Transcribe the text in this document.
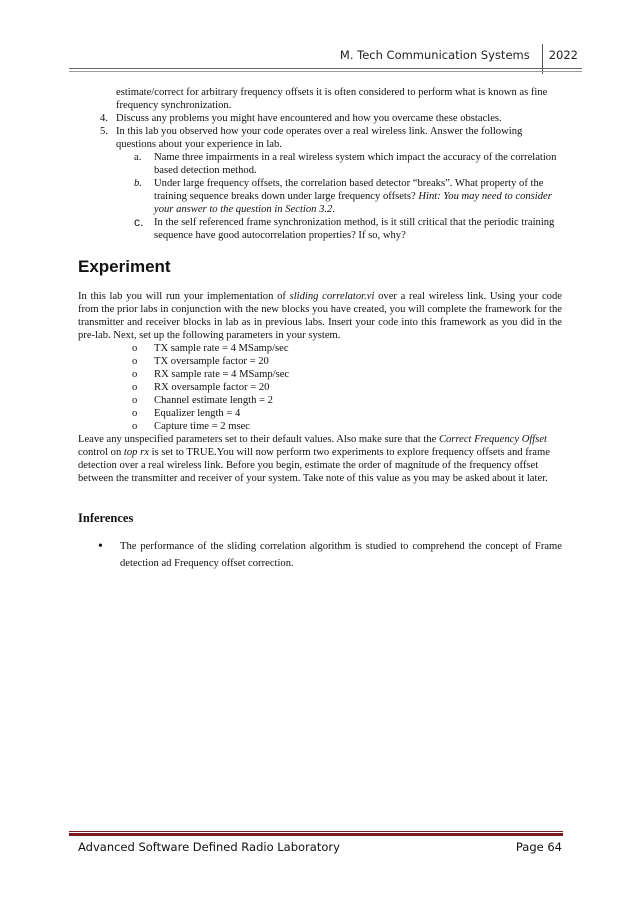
M. Tech Communication Systems 2022

estimate/correct for arbitrary frequency offsets it is often considered to perform what is known as fine frequency synchronization.

4. Discuss any problems you might have encountered and how you overcame these obstacles.
5. In this lab you observed how your code operates over a real wireless link. Answer the following questions about your experience in lab.
a.	Name three impairments in a real wireless system which impact the accuracy of the correlation based detection method.
b.	Under large frequency offsets, the correlation based detector “breaks”. What property of the training sequence breaks down under large frequency offsets? Hint: You may need to consider your answer to the question in Section 3.2.
c.	In the self referenced frame synchronization method, is it still critical that the periodic training sequence have good autocorrelation properties? If so, why?
Experiment

In this lab you will run your implementation of sliding correlator.vi over a real wireless link. Using your code from the prior labs in conjunction with the new blocks you have created, you will complete the framework for the transmitter and receiver blocks in lab as in previous labs. Insert your code into this framework as you did in the pre-lab. Next, set up the following parameters in your system.

o	TX sample rate = 4 MSamp/sec
o	TX oversample factor = 20
o	RX sample rate = 4 MSamp/sec
o	RX oversample factor = 20
o	Channel estimate length = 2
o	Equalizer length = 4
o	Capture time = 2 msec

Leave any unspecified parameters set to their default values. Also make sure that the Correct Frequency Offset control on top rx is set to TRUE.You will now perform two experiments to explore frequency offsets and frame detection over a real wireless link. Before you begin, estimate the order of magnitude of the frequency offset between the transmitter and receiver of your system. Take note of this value as you may be asked about it later.

Inferences
•	The performance of the sliding correlation algorithm is studied to comprehend the concept of Frame detection ad Frequency offset correction.
Advanced Software Defined Radio Laboratory	Page 64
